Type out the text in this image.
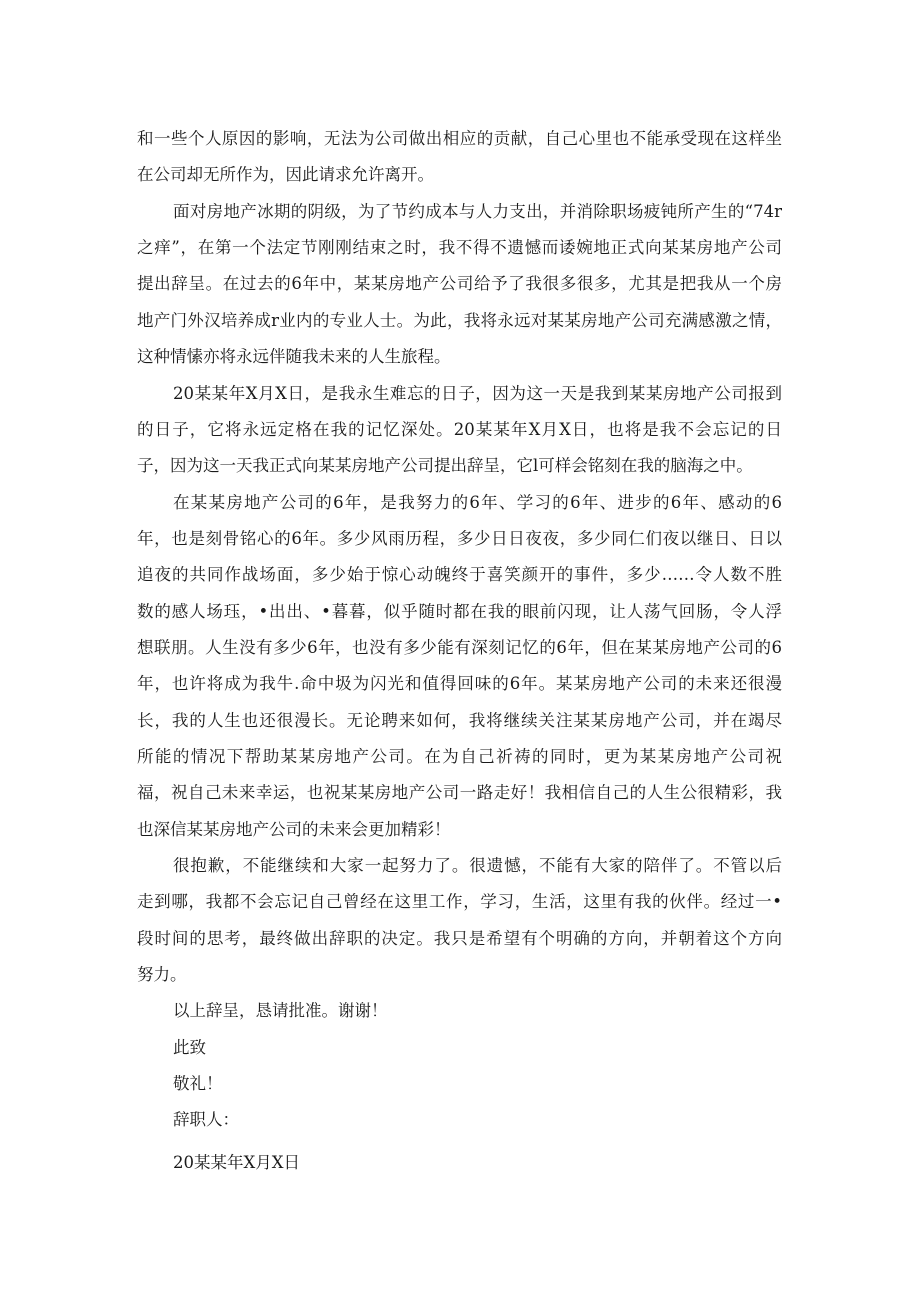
和一些个人原因的影响，无法为公司做出相应的贡献，自己心里也不能承受现在这样坐
在公司却无所作为，因此请求允许离开。
面对房地产冰期的阴级，为了节约成本与人力支出，并消除职场疲钝所产生的“74r
之痒”，在第一个法定节刚刚结束之时，我不得不遗憾而诿婉地正式向某某房地产公司
提出辞呈。在过去的6年中，某某房地产公司给予了我很多很多，尤其是把我从一个房
地产门外汉培养成r业内的专业人士。为此，我将永远对某某房地产公司充满感激之情，
这种情愫亦将永远伴随我未来的人生旅程。
20某某年X月X日，是我永生难忘的日子，因为这一天是我到某某房地产公司报到
的日子，它将永远定格在我的记忆深处。20某某年X月X日，也将是我不会忘记的日
子，因为这一天我正式向某某房地产公司提出辞呈，它l可样会铭刻在我的脑海之中。
在某某房地产公司的6年，是我努力的6年、学习的6年、进步的6年、感动的6
年，也是刻骨铭心的6年。多少风雨历程，多少日日夜夜，多少同仁们夜以继日、日以
追夜的共同作战场面，多少始于惊心动魄终于喜笑颜开的事件，多少……令人数不胜
数的感人场珏，•出出、•暮暮，似乎随时都在我的眼前闪现，让人荡气回肠，令人浮
想联朋。人生没有多少6年，也没有多少能有深刻记忆的6年，但在某某房地产公司的6
年，也许将成为我牛.命中圾为闪光和值得回味的6年。某某房地产公司的未来还很漫
长，我的人生也还很漫长。无论聘来如何，我将继续关注某某房地产公司，并在竭尽
所能的情况下帮助某某房地产公司。在为自己祈祷的同时，更为某某房地产公司祝
福，祝自己未来幸运，也祝某某房地产公司一路走好！我相信自己的人生公很精彩，我
也深信某某房地产公司的未来会更加精彩！
很抱歉，不能继续和大家一起努力了。很遗憾，不能有大家的陪伴了。不管以后
走到哪，我都不会忘记自己曾经在这里工作，学习，生活，这里有我的伙伴。经过一•
段时间的思考，最终做出辞职的决定。我只是希望有个明确的方向，并朝着这个方向
努力。
以上辞呈，恳请批准。谢谢！
此致
敬礼！
辞职人：
20某某年X月X日
